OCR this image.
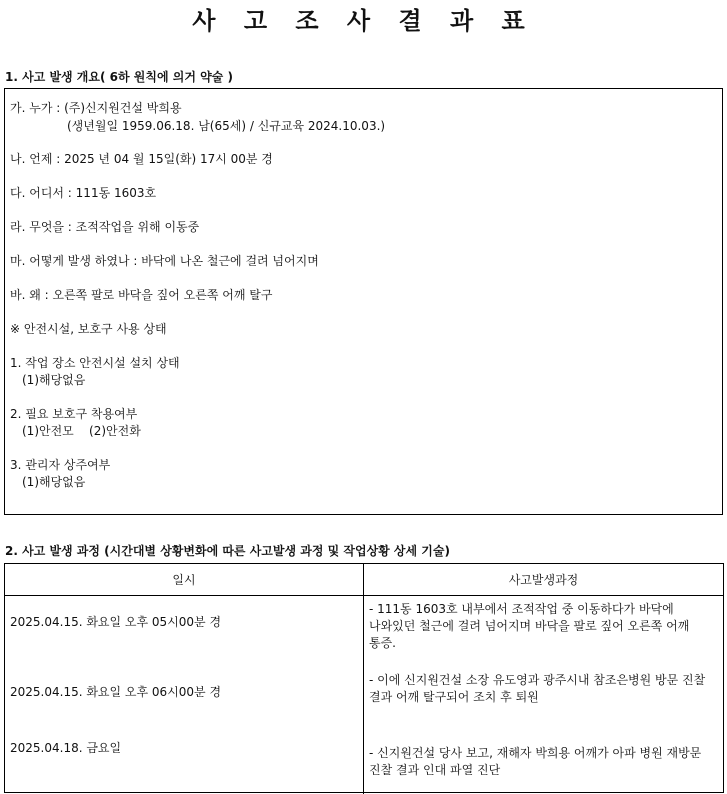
사 고 조 사 결 과 표
1. 사고 발생 개요( 6하 원칙에 의거 약술 )
가. 누가 : (주)신지원건설 박희용
(생년월일 1959.06.18. 남(65세) / 신규교육 2024.10.03.)
나. 언제 : 2025 년 04 월 15일(화) 17시 00분 경
다. 어디서 : 111동 1603호
라. 무엇을 : 조적작업을 위해 이동중
마. 어떻게 발생 하였나 : 바닥에 나온 철근에 걸려 넘어지며
바. 왜 : 오른쪽 팔로 바닥을 짚어 오른쪽 어깨 탈구
※ 안전시설, 보호구 사용 상태
1. 작업 장소 안전시설 설치 상태
(1)해당없음
2. 필요 보호구 착용여부
(1)안전모    (2)안전화
3. 관리자 상주여부
(1)해당없음
2. 사고 발생 과정 (시간대별 상황변화에 따른 사고발생 과정 및 작업상황 상세 기술)
일시	사고발생과정
2025.04.15. 화요일 오후 05시00분 경
- 111동 1603호 내부에서 조적작업 중 이동하다가 바닥에 나와있던 철근에 걸려 넘어지며 바닥을 팔로 짚어 오른쪽 어깨 통증.
2025.04.15. 화요일 오후 06시00분 경
- 이에 신지원건설 소장 유도영과 광주시내 참조은병원 방문 진찰 결과 어깨 탈구되어 조치 후 퇴원
2025.04.18. 금요일	- 신지원건설 당사 보고, 재해자 박희용 어깨가 아파 병원 재방문 진찰 결과 인대 파열 진단
